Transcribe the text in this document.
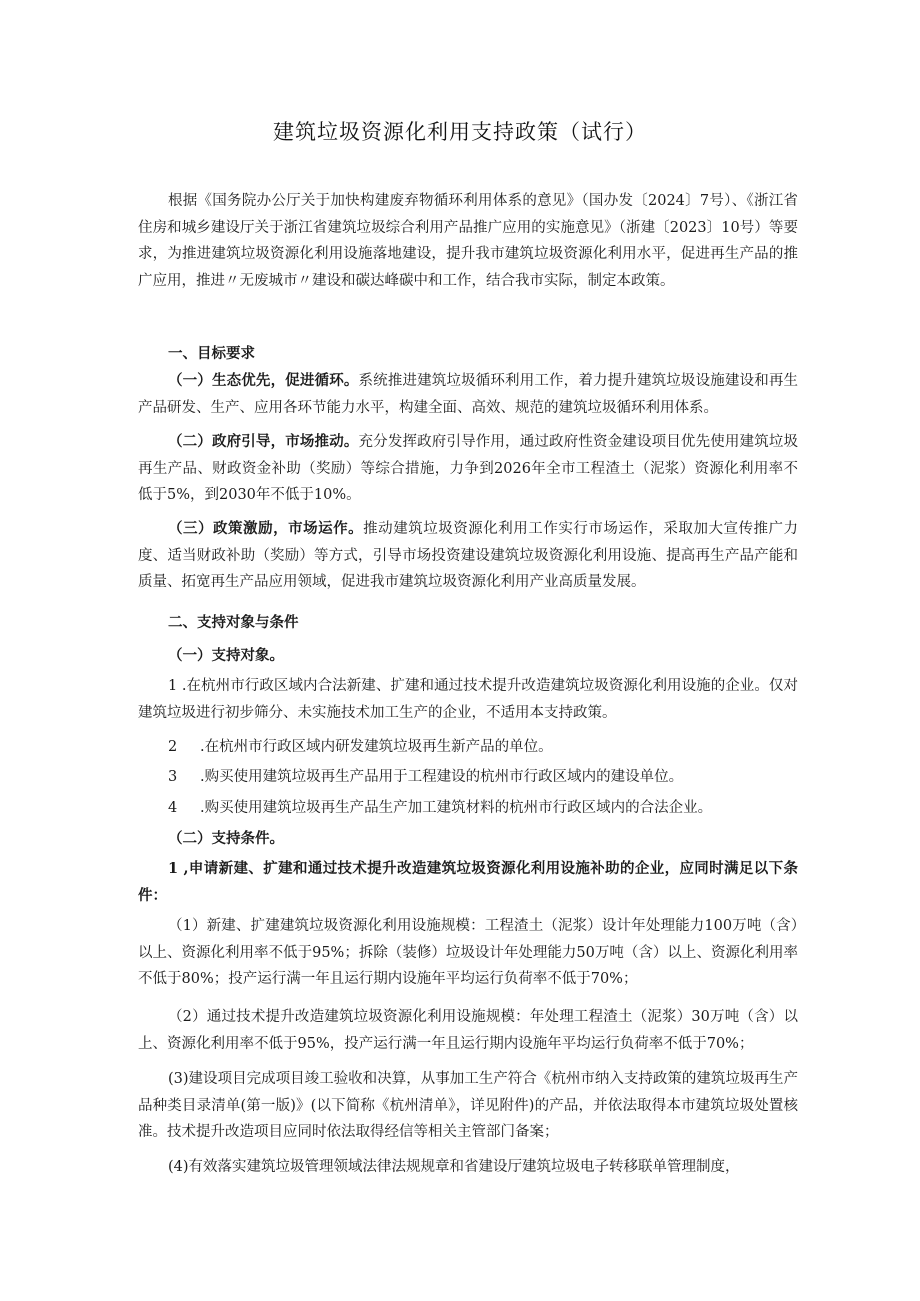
建筑垃圾资源化利用支持政策（试行）
根据《国务院办公厅关于加快构建废弃物循环利用体系的意见》（国办发〔2024〕7号）、《浙江省住房和城乡建设厅关于浙江省建筑垃圾综合利用产品推广应用的实施意见》（浙建〔2023〕10号）等要求，为推进建筑垃圾资源化利用设施落地建设，提升我市建筑垃圾资源化利用水平，促进再生产品的推广应用，推进〃无废城市〃建设和碳达峰碳中和工作，结合我市实际，制定本政策。
一、目标要求
（一）生态优先，促进循环。系统推进建筑垃圾循环利用工作，着力提升建筑垃圾设施建设和再生产品研发、生产、应用各环节能力水平，构建全面、高效、规范的建筑垃圾循环利用体系。
（二）政府引导，市场推动。充分发挥政府引导作用，通过政府性资金建设项目优先使用建筑垃圾再生产品、财政资金补助（奖励）等综合措施，力争到2026年全市工程渣土（泥浆）资源化利用率不低于5%，到2030年不低于10%。
（三）政策激励，市场运作。推动建筑垃圾资源化利用工作实行市场运作，采取加大宣传推广力度、适当财政补助（奖励）等方式，引导市场投资建设建筑垃圾资源化利用设施、提高再生产品产能和质量、拓宽再生产品应用领域，促进我市建筑垃圾资源化利用产业高质量发展。
二、支持对象与条件
（一）支持对象。
1 .在杭州市行政区域内合法新建、扩建和通过技术提升改造建筑垃圾资源化利用设施的企业。仅对建筑垃圾进行初步筛分、未实施技术加工生产的企业，不适用本支持政策。
2 .在杭州市行政区域内研发建筑垃圾再生新产品的单位。
3 .购买使用建筑垃圾再生产品用于工程建设的杭州市行政区域内的建设单位。
4 .购买使用建筑垃圾再生产品生产加工建筑材料的杭州市行政区域内的合法企业。
（二）支持条件。
1 ,申请新建、扩建和通过技术提升改造建筑垃圾资源化利用设施补助的企业，应同时满足以下条件：
（1）新建、扩建建筑垃圾资源化利用设施规模：工程渣土（泥浆）设计年处理能力100万吨（含）以上、资源化利用率不低于95%；拆除（装修）垃圾设计年处理能力50万吨（含）以上、资源化利用率不低于80%；投产运行满一年且运行期内设施年平均运行负荷率不低于70%；
（2）通过技术提升改造建筑垃圾资源化利用设施规模：年处理工程渣土（泥浆）30万吨（含）以上、资源化利用率不低于95%，投产运行满一年且运行期内设施年平均运行负荷率不低于70%；
(3)建设项目完成项目竣工验收和决算，从事加工生产符合《杭州市纳入支持政策的建筑垃圾再生产品种类目录清单(第一版)》(以下简称《杭州清单》，详见附件)的产品，并依法取得本市建筑垃圾处置核准。技术提升改造项目应同时依法取得经信等相关主管部门备案；
(4)有效落实建筑垃圾管理领域法律法规规章和省建设厅建筑垃圾电子转移联单管理制度，
